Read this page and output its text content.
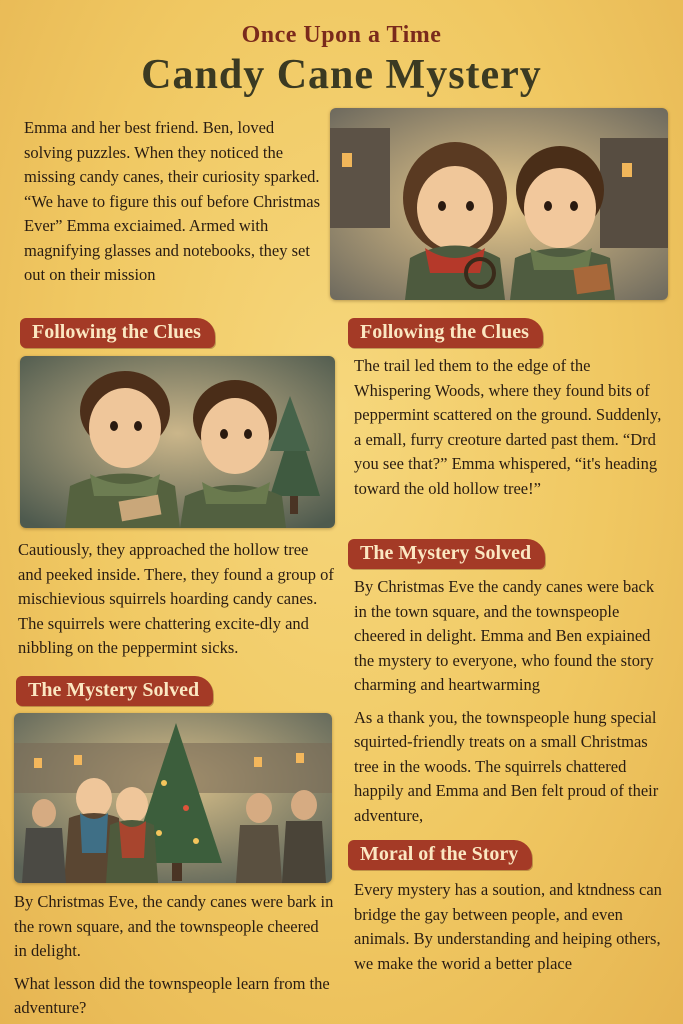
Once Upon a Time
Candy Cane Mystery

Emma and her best friend. Ben, loved solving puzzles. When they noticed the missing candy canes, their curiosity sparked. “We have to figure this ouf before Christmas Ever” Emma exciaimed. Armed with magnifying glasses and notebooks, they set out on their mission

Following the Clues

Cautiously, they approached the hollow tree and peeked inside. There, they found a group of mischievious squirrels hoarding candy canes. The squirrels were chattering excite-dly and nibbling on the peppermint sicks.

The Mystery Solved

By Christmas Eve, the candy canes were bark in the rown square, and the townspeople cheered in delight.

What lesson did the townspeople learn from the adventure?

Following the Clues

The trail led them to the edge of the Whispering Woods, where they found bits of peppermint scattered on the ground. Suddenly, a emall, furry creoture darted past them. “Drd you see that?” Emma whispered, “it's heading toward the old hollow tree!”

The Mystery Solved

By Christmas Eve the candy canes were back in the town square, and the townspeople cheered in delight. Emma and Ben expiained the mystery to everyone, who found the story charming and heartwarming

As a thank you, the townspeople hung special squirted-friendly treats on a small Christmas tree in the woods. The squirrels chattered happily and Emma and Ben felt proud of their adventure,

Moral of the Story

Every mystery has a soution, and ktndness can bridge the gay between people, and even animals. By understanding and heiping others, we make the worid a better place
